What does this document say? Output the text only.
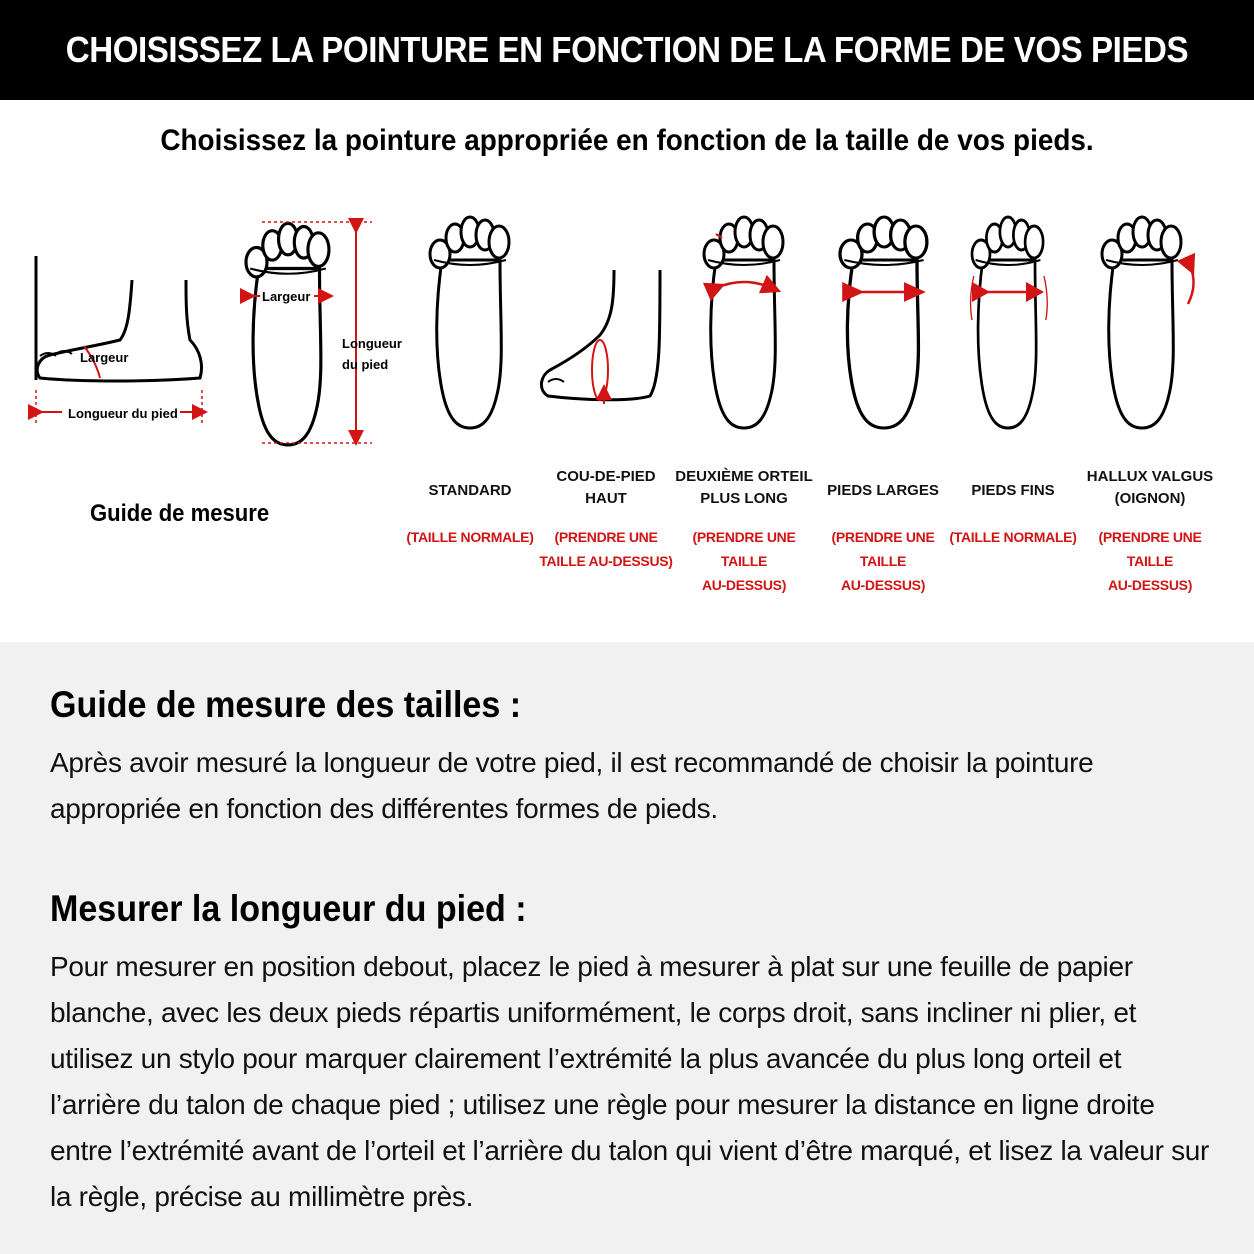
CHOISISSEZ LA POINTURE EN FONCTION DE LA FORME DE VOS PIEDS
Choisissez la pointure appropriée en fonction de la taille de vos pieds.
Largeur
Longueur du pied
Largeur
Longueur
du pied
Guide de mesure
STANDARD
(TAILLE NORMALE)
COU-DE-PIED
HAUT
(PRENDRE UNE
TAILLE AU-DESSUS)
DEUXIÈME ORTEIL
PLUS LONG
(PRENDRE UNE TAILLE
AU-DESSUS)
PIEDS LARGES
(PRENDRE UNE TAILLE
AU-DESSUS)
PIEDS FINS
(TAILLE NORMALE)
HALLUX VALGUS
(OIGNON)
(PRENDRE UNE TAILLE
AU-DESSUS)
Guide de mesure des tailles :
Après avoir mesuré la longueur de votre pied, il est recommandé de choisir la pointure appropriée en fonction des différentes formes de pieds.
Mesurer la longueur du pied :
Pour mesurer en position debout, placez le pied à mesurer à plat sur une feuille de papier blanche, avec les deux pieds répartis uniformément, le corps droit, sans incliner ni plier, et utilisez un stylo pour marquer clairement l’extrémité la plus avancée du plus long orteil et l’arrière du talon de chaque pied ; utilisez une règle pour mesurer la distance en ligne droite entre l’extrémité avant de l’orteil et l’arrière du talon qui vient d’être marqué, et lisez la valeur sur la règle, précise au millimètre près.
